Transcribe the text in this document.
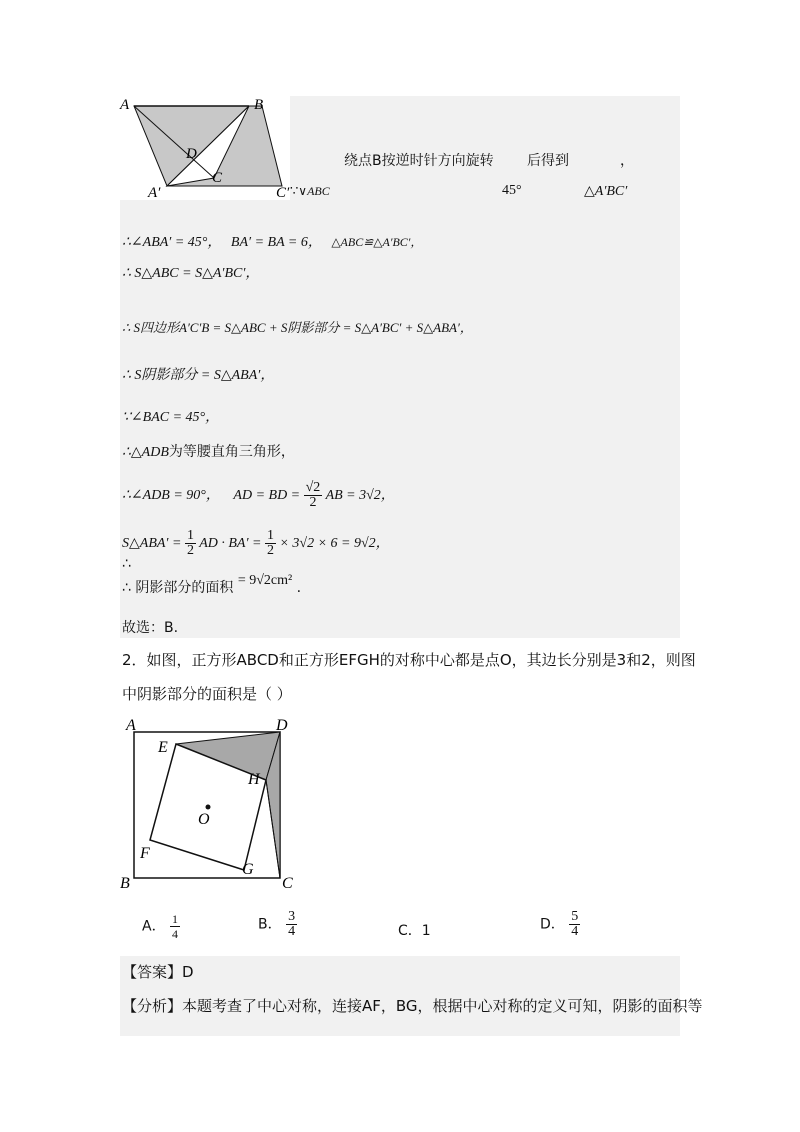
A	B
D
C
A′	C′
绕点B按逆时针方向旋转 后得到	，
∵∨ABC	45°	△A′BC′
∴∠ABA′ = 45°， BA′ = BA = 6， △ABC≌△A′BC′，
∴ S△ABC = S△A′BC′，
∴ S四边形A′C′B = S△ABC + S阴影部分 = S△A′BC′ + S△ABA′，
∴ S阴影部分 = S△ABA′，
∵∠BAC = 45°，
∴△ADB为等腰直角三角形，
∴∠ADB = 90°， AD = BD = $\frac{√2}{2}$ AB = 3√2，
S△ABA′ = $\frac{1}{2}$ AD · $BA' = \frac{1}{2} \times 3√2 \times 6 = 9√2$，
∴
∴ 阴影部分的面积 = 9√2cm² .
故选：B.
2．如图，正方形ABCD和正方形EFGH的对称中心都是点O，其边长分别是3和2，则图
中阴影部分的面积是（ ）
A	D
E
H
O
F
G
B	C
A． $\frac{1}{4}$	B． $\frac{3}{4}$	C．1	D． $\frac{5}{4}$
【答案】D
【分析】本题考查了中心对称，连接AF，BG，根据中心对称的定义可知，阴影的面积等
